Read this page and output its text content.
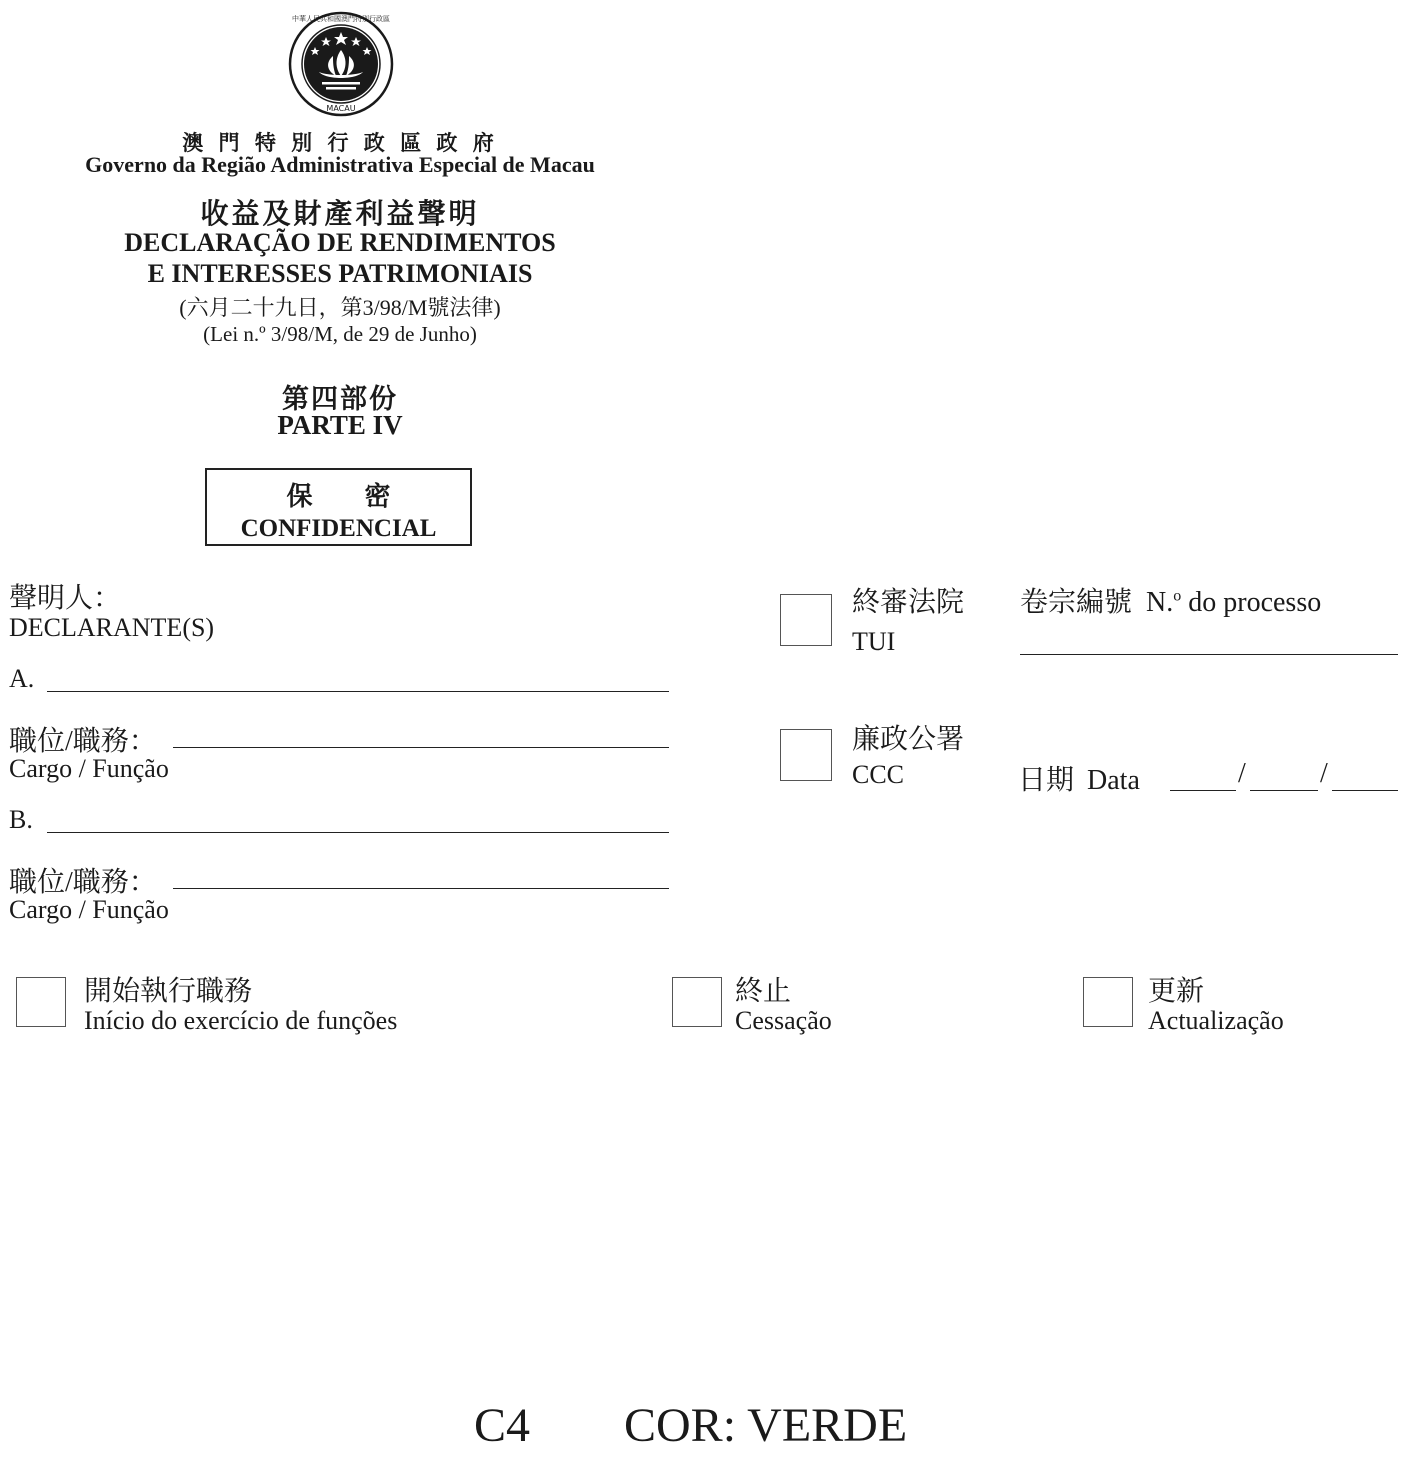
中華人民共和國澳門特別行政區
MACAU
澳 門 特 別 行 政 區 政 府
Governo da Região Administrativa Especial de Macau
收益及財產利益聲明
DECLARAÇÃO DE RENDIMENTOS
E INTERESSES PATRIMONIAIS
(六月二十九日，第3/98/M號法律)
(Lei n.º 3/98/M, de 29 de Junho)
第四部份
PARTE IV
保　　密
CONFIDENCIAL
聲明人：
DECLARANTE(S)
A.
職位/職務：
Cargo / Função
B.
職位/職務：
Cargo / Função
終審法院
TUI
廉政公署
CCC
卷宗編號 N.$^o$ do processo
日期 Data	/	/
開始執行職務
Início do exercício de funções
終止
Cessação
更新
Actualização
C4 COR: VERDE
